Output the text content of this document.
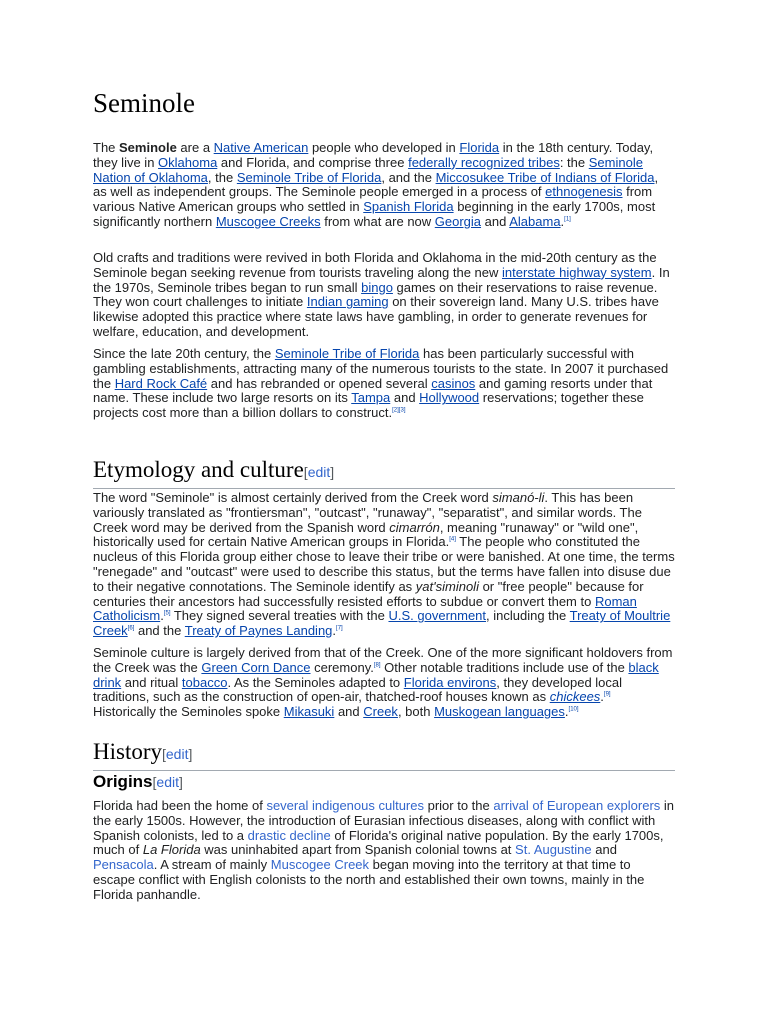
Seminole

The Seminole are a Native American people who developed in Florida in the 18th century. Today, they live in Oklahoma and Florida, and comprise three federally recognized tribes: the Seminole Nation of Oklahoma, the Seminole Tribe of Florida, and the Miccosukee Tribe of Indians of Florida, as well as independent groups. The Seminole people emerged in a process of ethnogenesis from various Native American groups who settled in Spanish Florida beginning in the early 1700s, most significantly northern Muscogee Creeks from what are now Georgia and Alabama.[1]

Old crafts and traditions were revived in both Florida and Oklahoma in the mid-20th century as the Seminole began seeking revenue from tourists traveling along the new interstate highway system. In the 1970s, Seminole tribes began to run small bingo games on their reservations to raise revenue. They won court challenges to initiate Indian gaming on their sovereign land. Many U.S. tribes have likewise adopted this practice where state laws have gambling, in order to generate revenues for welfare, education, and development.

Since the late 20th century, the Seminole Tribe of Florida has been particularly successful with gambling establishments, attracting many of the numerous tourists to the state. In 2007 it purchased the Hard Rock Café and has rebranded or opened several casinos and gaming resorts under that name. These include two large resorts on its Tampa and Hollywood reservations; together these projects cost more than a billion dollars to construct.[2][3]

Etymology and culture[edit]

The word "Seminole" is almost certainly derived from the Creek word simanó-li. This has been variously translated as "frontiersman", "outcast", "runaway", "separatist", and similar words. The Creek word may be derived from the Spanish word cimarrón, meaning "runaway" or "wild one", historically used for certain Native American groups in Florida.[4] The people who constituted the nucleus of this Florida group either chose to leave their tribe or were banished. At one time, the terms "renegade" and "outcast" were used to describe this status, but the terms have fallen into disuse due to their negative connotations. The Seminole identify as yat'siminoli or "free people" because for centuries their ancestors had successfully resisted efforts to subdue or convert them to Roman Catholicism.[5] They signed several treaties with the U.S. government, including the Treaty of Moultrie Creek[6] and the Treaty of Paynes Landing.[7]

Seminole culture is largely derived from that of the Creek. One of the more significant holdovers from the Creek was the Green Corn Dance ceremony.[8] Other notable traditions include use of the black drink and ritual tobacco. As the Seminoles adapted to Florida environs, they developed local traditions, such as the construction of open-air, thatched-roof houses known as chickees.[9] Historically the Seminoles spoke Mikasuki and Creek, both Muskogean languages.[10]

History[edit]
Origins[edit]

Florida had been the home of several indigenous cultures prior to the arrival of European explorers in the early 1500s. However, the introduction of Eurasian infectious diseases, along with conflict with Spanish colonists, led to a drastic decline of Florida's original native population. By the early 1700s, much of La Florida was uninhabited apart from Spanish colonial towns at St. Augustine and Pensacola. A stream of mainly Muscogee Creek began moving into the territory at that time to escape conflict with English colonists to the north and established their own towns, mainly in the Florida panhandle.
